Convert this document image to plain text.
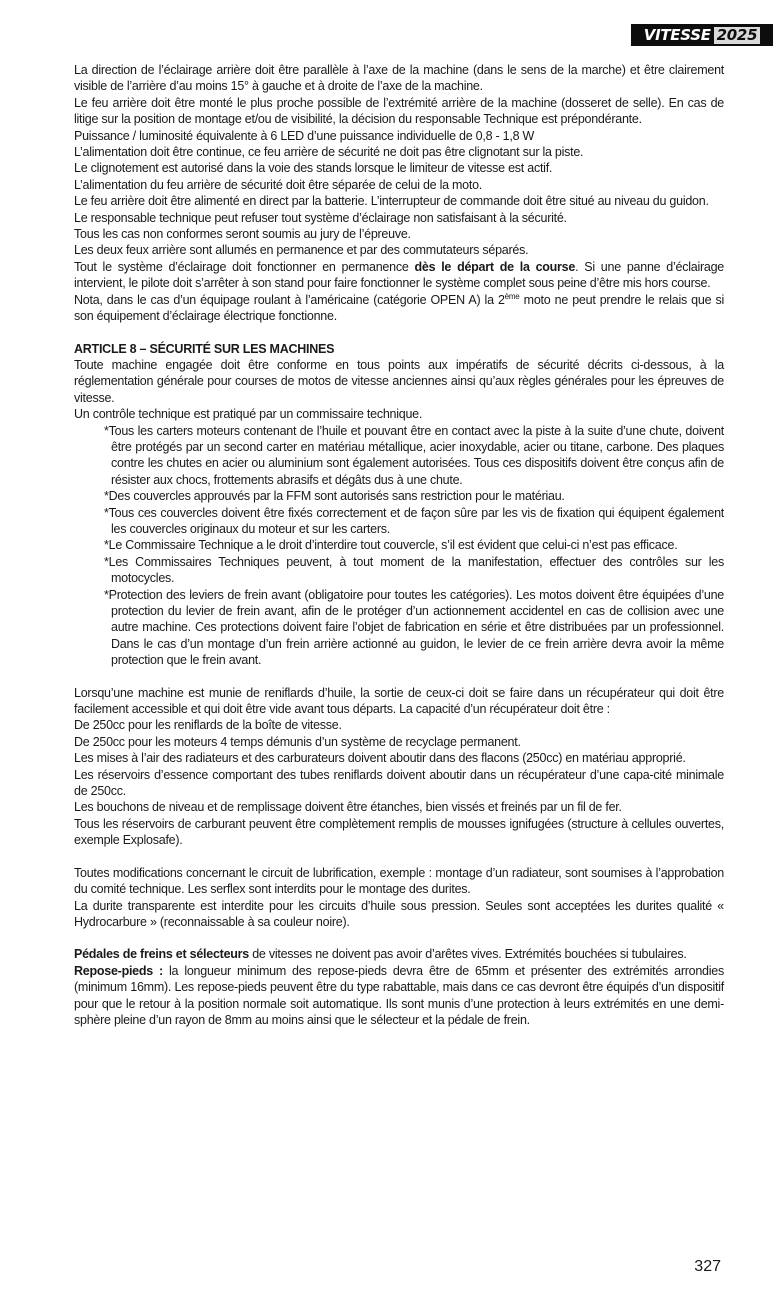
VITESSE 2025

La direction de l’éclairage arrière doit être parallèle à l’axe de la machine (dans le sens de la marche) et être clairement visible de l’arrière d’au moins 15° à gauche et à droite de l’axe de la machine.

Le feu arrière doit être monté le plus proche possible de l’extrémité arrière de la machine (dosseret de selle). En cas de litige sur la position de montage et/ou de visibilité, la décision du responsable Technique est prépondérante.

Puissance / luminosité équivalente à 6 LED d’une puissance individuelle de 0,8 - 1,8 W

L’alimentation doit être continue, ce feu arrière de sécurité ne doit pas être clignotant sur la piste.

Le clignotement est autorisé dans la voie des stands lorsque le limiteur de vitesse est actif.

L’alimentation du feu arrière de sécurité doit être séparée de celui de la moto.

Le feu arrière doit être alimenté en direct par la batterie. L’interrupteur de commande doit être situé au niveau du guidon.

Le responsable technique peut refuser tout système d’éclairage non satisfaisant à la sécurité.

Tous les cas non conformes seront soumis au jury de l’épreuve.

Les deux feux arrière sont allumés en permanence et par des commutateurs séparés.

Tout le système d’éclairage doit fonctionner en permanence dès le départ de la course. Si une panne d’éclairage intervient, le pilote doit s’arrêter à son stand pour faire fonctionner le système complet sous peine d’être mis hors course.

Nota, dans le cas d’un équipage roulant à l’américaine (catégorie OPEN A) la 2ème moto ne peut prendre le relais que si son équipement d’éclairage électrique fonctionne.

ARTICLE 8 – SÉCURITÉ SUR LES MACHINES

Toute machine engagée doit être conforme en tous points aux impératifs de sécurité décrits ci-dessous, à la réglementation générale pour courses de motos de vitesse anciennes ainsi qu’aux règles générales pour les épreuves de vitesse.

Un contrôle technique est pratiqué par un commissaire technique.

*Tous les carters moteurs contenant de l’huile et pouvant être en contact avec la piste à la suite d’une chute, doivent être protégés par un second carter en matériau métallique, acier inoxydable, acier ou titane, carbone. Des plaques contre les chutes en acier ou aluminium sont également autorisées. Tous ces dispositifs doivent être conçus afin de résister aux chocs, frottements abrasifs et dégâts dus à une chute.
*Des couvercles approuvés par la FFM sont autorisés sans restriction pour le matériau.
*Tous ces couvercles doivent être fixés correctement et de façon sûre par les vis de fixation qui équipent également les couvercles originaux du moteur et sur les carters.
*Le Commissaire Technique a le droit d’interdire tout couvercle, s’il est évident que celui-ci n’est pas efficace.
*Les Commissaires Techniques peuvent, à tout moment de la manifestation, effectuer des contrôles sur les motocycles.
*Protection des leviers de frein avant (obligatoire pour toutes les catégories). Les motos doivent être équipées d’une protection du levier de frein avant, afin de le protéger d’un actionnement accidentel en cas de collision avec une autre machine. Ces protections doivent faire l’objet de fabrication en série et être distribuées par un professionnel. Dans le cas d’un montage d’un frein arrière actionné au guidon, le levier de ce frein arrière devra avoir la même protection que le frein avant.

Lorsqu’une machine est munie de reniflards d’huile, la sortie de ceux-ci doit se faire dans un récupérateur qui doit être facilement accessible et qui doit être vide avant tous départs. La capacité d’un récupérateur doit être :

De 250cc pour les reniflards de la boîte de vitesse.

De 250cc pour les moteurs 4 temps démunis d’un système de recyclage permanent.

Les mises à l’air des radiateurs et des carburateurs doivent aboutir dans des flacons (250cc) en matériau approprié.

Les réservoirs d’essence comportant des tubes reniflards doivent aboutir dans un récupérateur d’une capa-cité minimale de 250cc.

Les bouchons de niveau et de remplissage doivent être étanches, bien vissés et freinés par un fil de fer.

Tous les réservoirs de carburant peuvent être complètement remplis de mousses ignifugées (structure à cellules ouvertes, exemple Explosafe).

Toutes modifications concernant le circuit de lubrification, exemple : montage d’un radiateur, sont soumises à l’approbation du comité technique. Les serflex sont interdits pour le montage des durites.

La durite transparente est interdite pour les circuits d’huile sous pression. Seules sont acceptées les durites qualité « Hydrocarbure » (reconnaissable à sa couleur noire).

Pédales de freins et sélecteurs de vitesses ne doivent pas avoir d’arêtes vives. Extrémités bouchées si tubulaires.

Repose-pieds : la longueur minimum des repose-pieds devra être de 65mm et présenter des extrémités arrondies (minimum 16mm). Les repose-pieds peuvent être du type rabattable, mais dans ce cas devront être équipés d’un dispositif pour que le retour à la position normale soit automatique. Ils sont munis d’une protection à leurs extrémités en une demi-sphère pleine d’un rayon de 8mm au moins ainsi que le sélecteur et la pédale de frein.

327
